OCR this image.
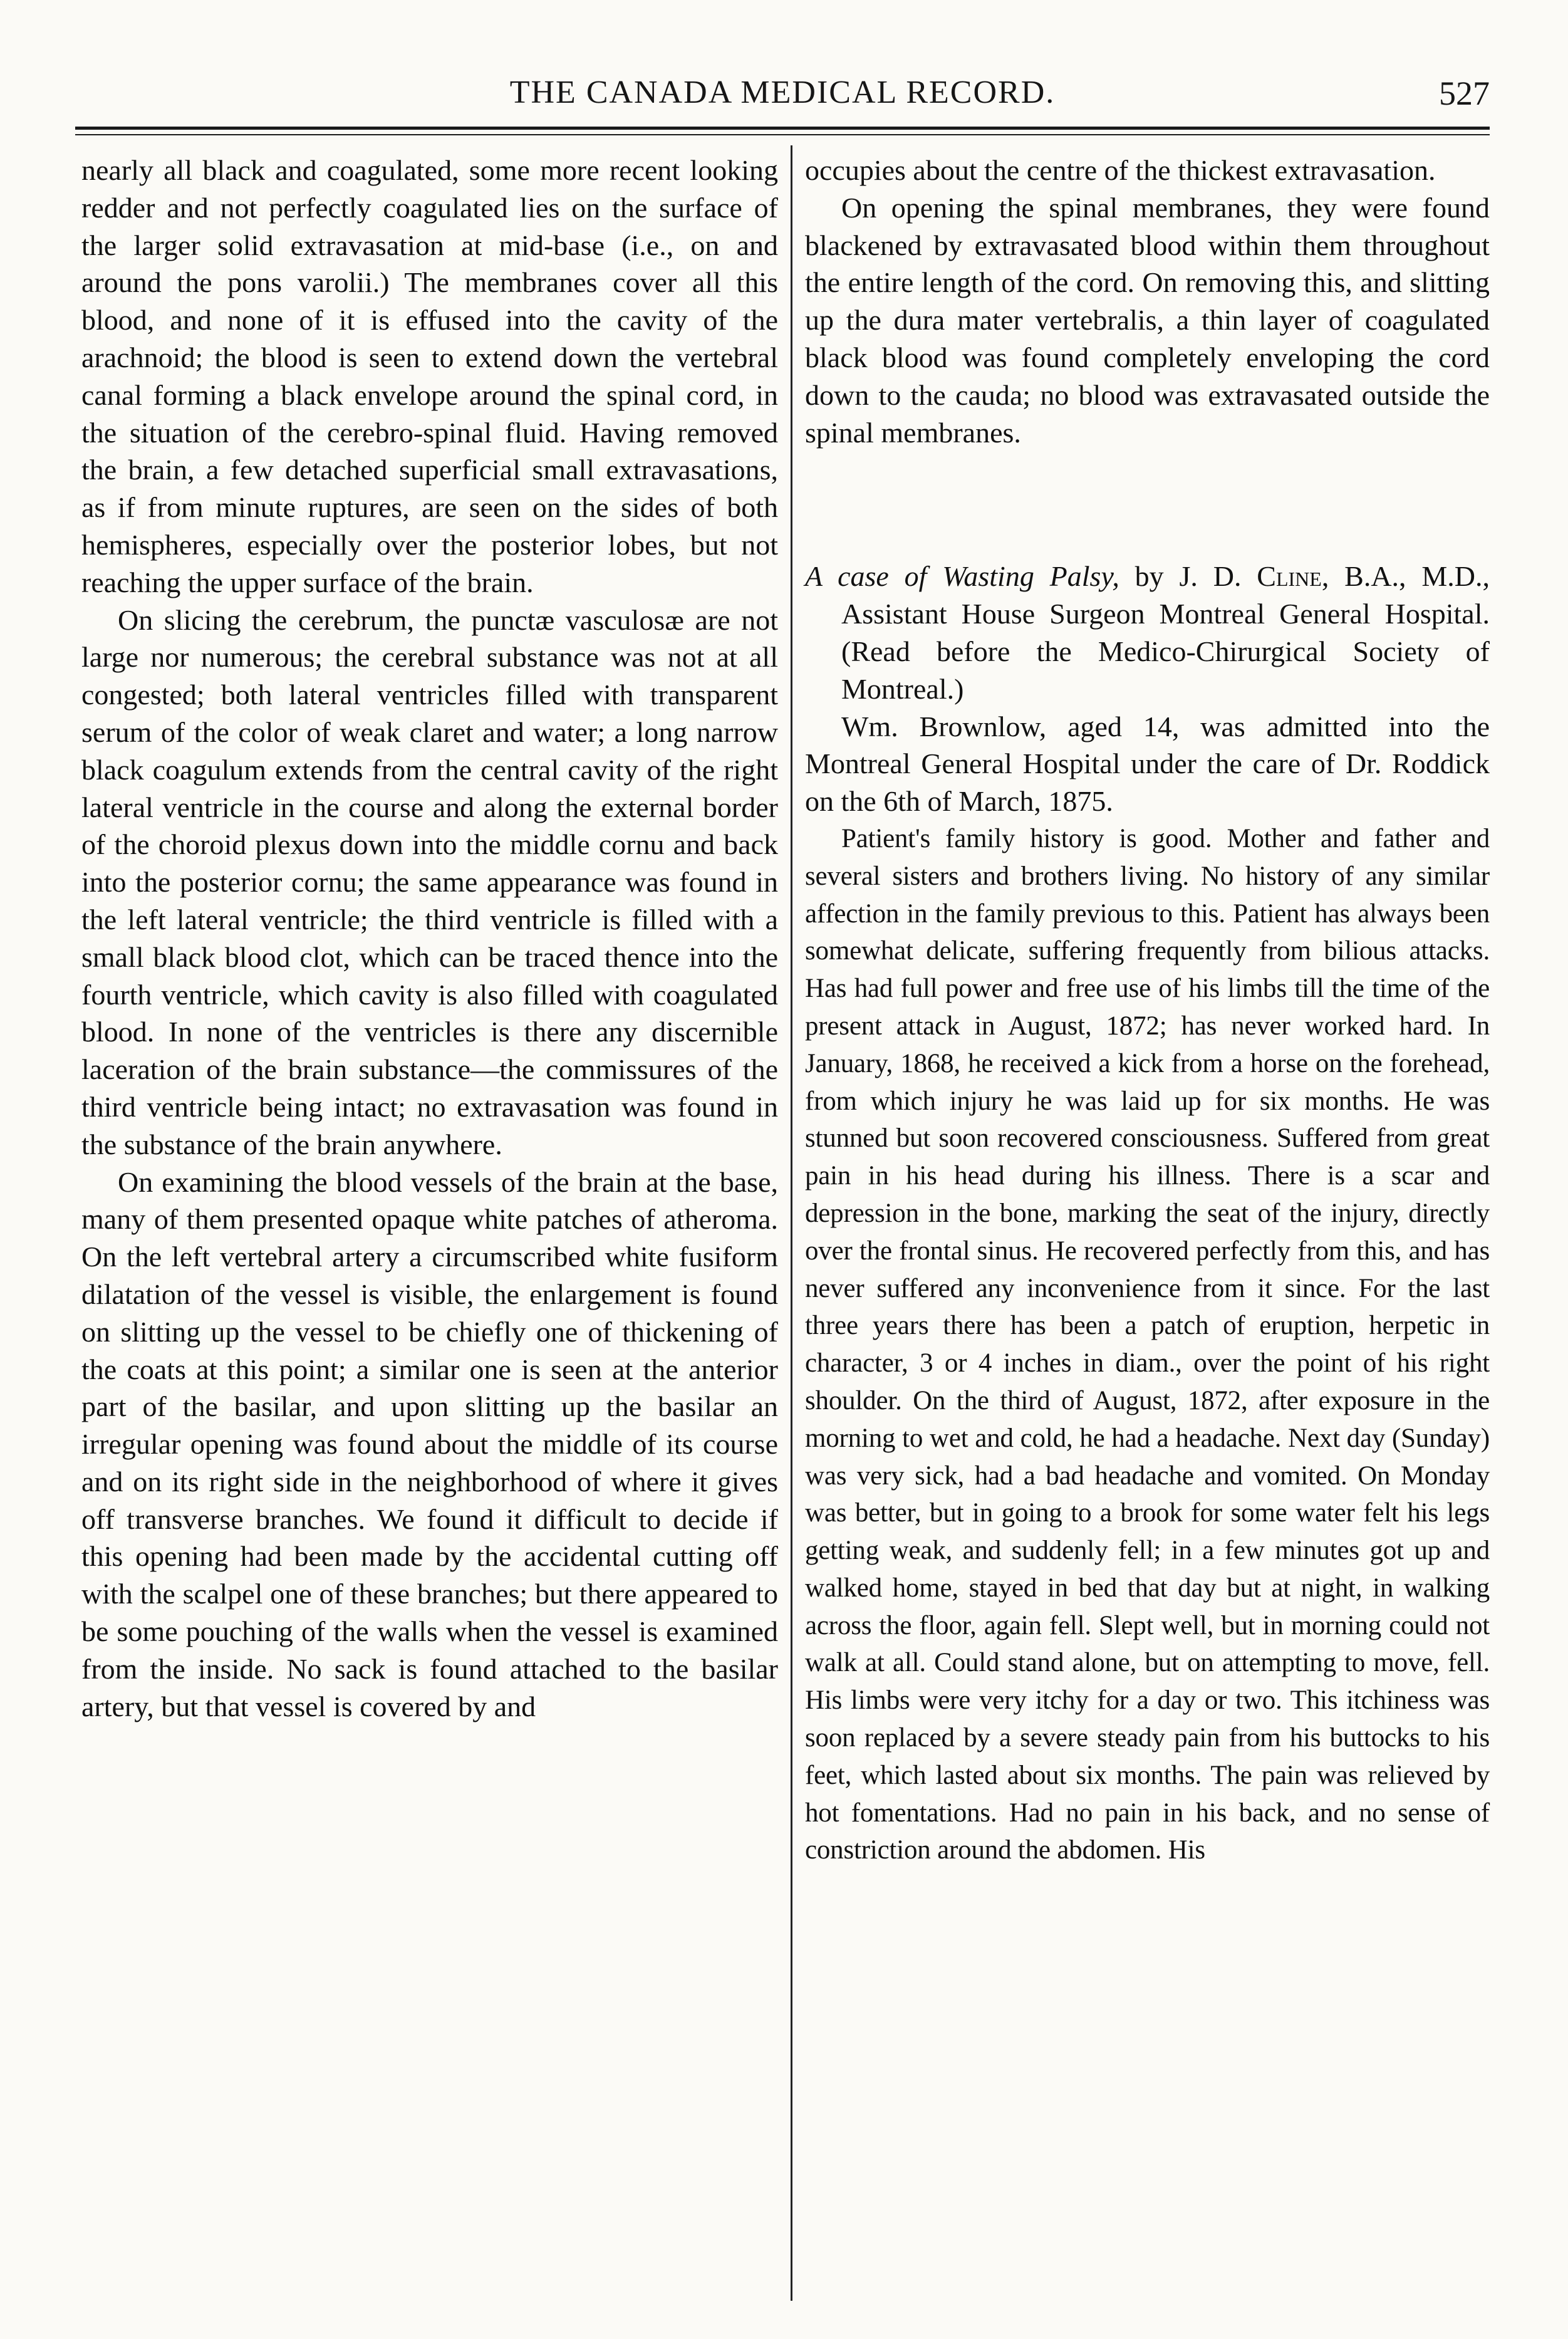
THE CANADA MEDICAL RECORD.	527

nearly all black and coagulated, some more recent looking redder and not perfectly coagulated lies on the surface of the larger solid extravasation at mid-base (i.e., on and around the pons varolii.) The membranes cover all this blood, and none of it is effused into the cavity of the arachnoid; the blood is seen to extend down the vertebral canal forming a black envelope around the spinal cord, in the situation of the cerebro-spinal fluid. Having removed the brain, a few detached superficial small extravasations, as if from minute ruptures, are seen on the sides of both hemispheres, especially over the posterior lobes, but not reaching the upper surface of the brain.

On slicing the cerebrum, the punctæ vasculosæ are not large nor numerous; the cerebral substance was not at all congested; both lateral ventricles filled with transparent serum of the color of weak claret and water; a long narrow black coagulum extends from the central cavity of the right lateral ventricle in the course and along the external border of the choroid plexus down into the middle cornu and back into the posterior cornu; the same appearance was found in the left lateral ventricle; the third ventricle is filled with a small black blood clot, which can be traced thence into the fourth ventricle, which cavity is also filled with coagulated blood. In none of the ventricles is there any discernible laceration of the brain substance—the commissures of the third ventricle being intact; no extravasation was found in the substance of the brain anywhere.

On examining the blood vessels of the brain at the base, many of them presented opaque white patches of atheroma. On the left vertebral artery a circumscribed white fusiform dilatation of the vessel is visible, the enlargement is found on slitting up the vessel to be chiefly one of thickening of the coats at this point; a similar one is seen at the anterior part of the basilar, and upon slitting up the basilar an irregular opening was found about the middle of its course and on its right side in the neighborhood of where it gives off transverse branches. We found it difficult to decide if this opening had been made by the accidental cutting off with the scalpel one of these branches; but there appeared to be some pouching of the walls when the vessel is examined from the inside. No sack is found attached to the basilar artery, but that vessel is covered by and

occupies about the centre of the thickest extravasation.

On opening the spinal membranes, they were found blackened by extravasated blood within them throughout the entire length of the cord. On removing this, and slitting up the dura mater vertebralis, a thin layer of coagulated black blood was found completely enveloping the cord down to the cauda; no blood was extravasated outside the spinal membranes.

A case of Wasting Palsy, by J. D. Cline, B.A., M.D., Assistant House Surgeon Montreal General Hospital. (Read before the Medico-Chirurgical Society of Montreal.)

Wm. Brownlow, aged 14, was admitted into the Montreal General Hospital under the care of Dr. Roddick on the 6th of March, 1875.

Patient's family history is good. Mother and father and several sisters and brothers living. No history of any similar affection in the family previous to this. Patient has always been somewhat delicate, suffering frequently from bilious attacks. Has had full power and free use of his limbs till the time of the present attack in August, 1872; has never worked hard. In January, 1868, he received a kick from a horse on the forehead, from which injury he was laid up for six months. He was stunned but soon recovered consciousness. Suffered from great pain in his head during his illness. There is a scar and depression in the bone, marking the seat of the injury, directly over the frontal sinus. He recovered perfectly from this, and has never suffered any inconvenience from it since. For the last three years there has been a patch of eruption, herpetic in character, 3 or 4 inches in diam., over the point of his right shoulder. On the third of August, 1872, after exposure in the morning to wet and cold, he had a headache. Next day (Sunday) was very sick, had a bad headache and vomited. On Monday was better, but in going to a brook for some water felt his legs getting weak, and suddenly fell; in a few minutes got up and walked home, stayed in bed that day but at night, in walking across the floor, again fell. Slept well, but in morning could not walk at all. Could stand alone, but on attempting to move, fell. His limbs were very itchy for a day or two. This itchiness was soon replaced by a severe steady pain from his buttocks to his feet, which lasted about six months. The pain was relieved by hot fomentations. Had no pain in his back, and no sense of constriction around the abdomen. His
